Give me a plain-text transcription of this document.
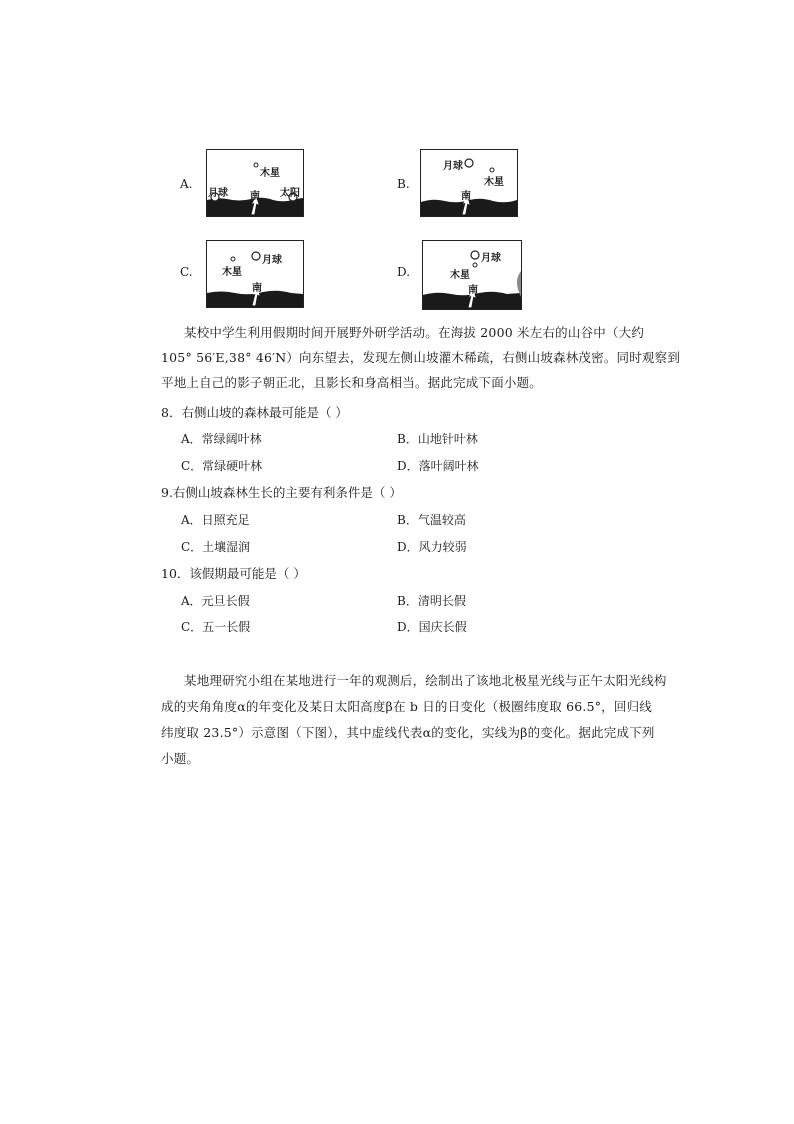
A.
木星
月球	太阳
南
B.
月球
木星
南
C.	木星
月球
南
D.
月球
木星
南
某校中学生利用假期时间开展野外研学活动。在海拔 2000 米左右的山谷中（大约
105° 56′E,38° 46′N）向东望去，发现左侧山坡灌木稀疏，右侧山坡森林茂密。同时观察到
平地上自己的影子朝正北，且影长和身高相当。据此完成下面小题。
8．右侧山坡的森林最可能是（ ）
A．常绿阔叶林	B．山地针叶林
C．常绿硬叶林	D．落叶阔叶林
9.右侧山坡森林生长的主要有利条件是（ ）
A．日照充足	B．气温较高
C．土壤湿润	D．风力较弱
10．该假期最可能是（ ）
A．元旦长假	B．清明长假
C．五一长假	D．国庆长假
某地理研究小组在某地进行一年的观测后，绘制出了该地北极星光线与正午太阳光线构
成的夹角角度α的年变化及某日太阳高度β在 b 日的日变化（极圈纬度取 66.5°，回归线
纬度取 23.5°）示意图（下图），其中虚线代表α的变化，实线为β的变化。据此完成下列
小题。
